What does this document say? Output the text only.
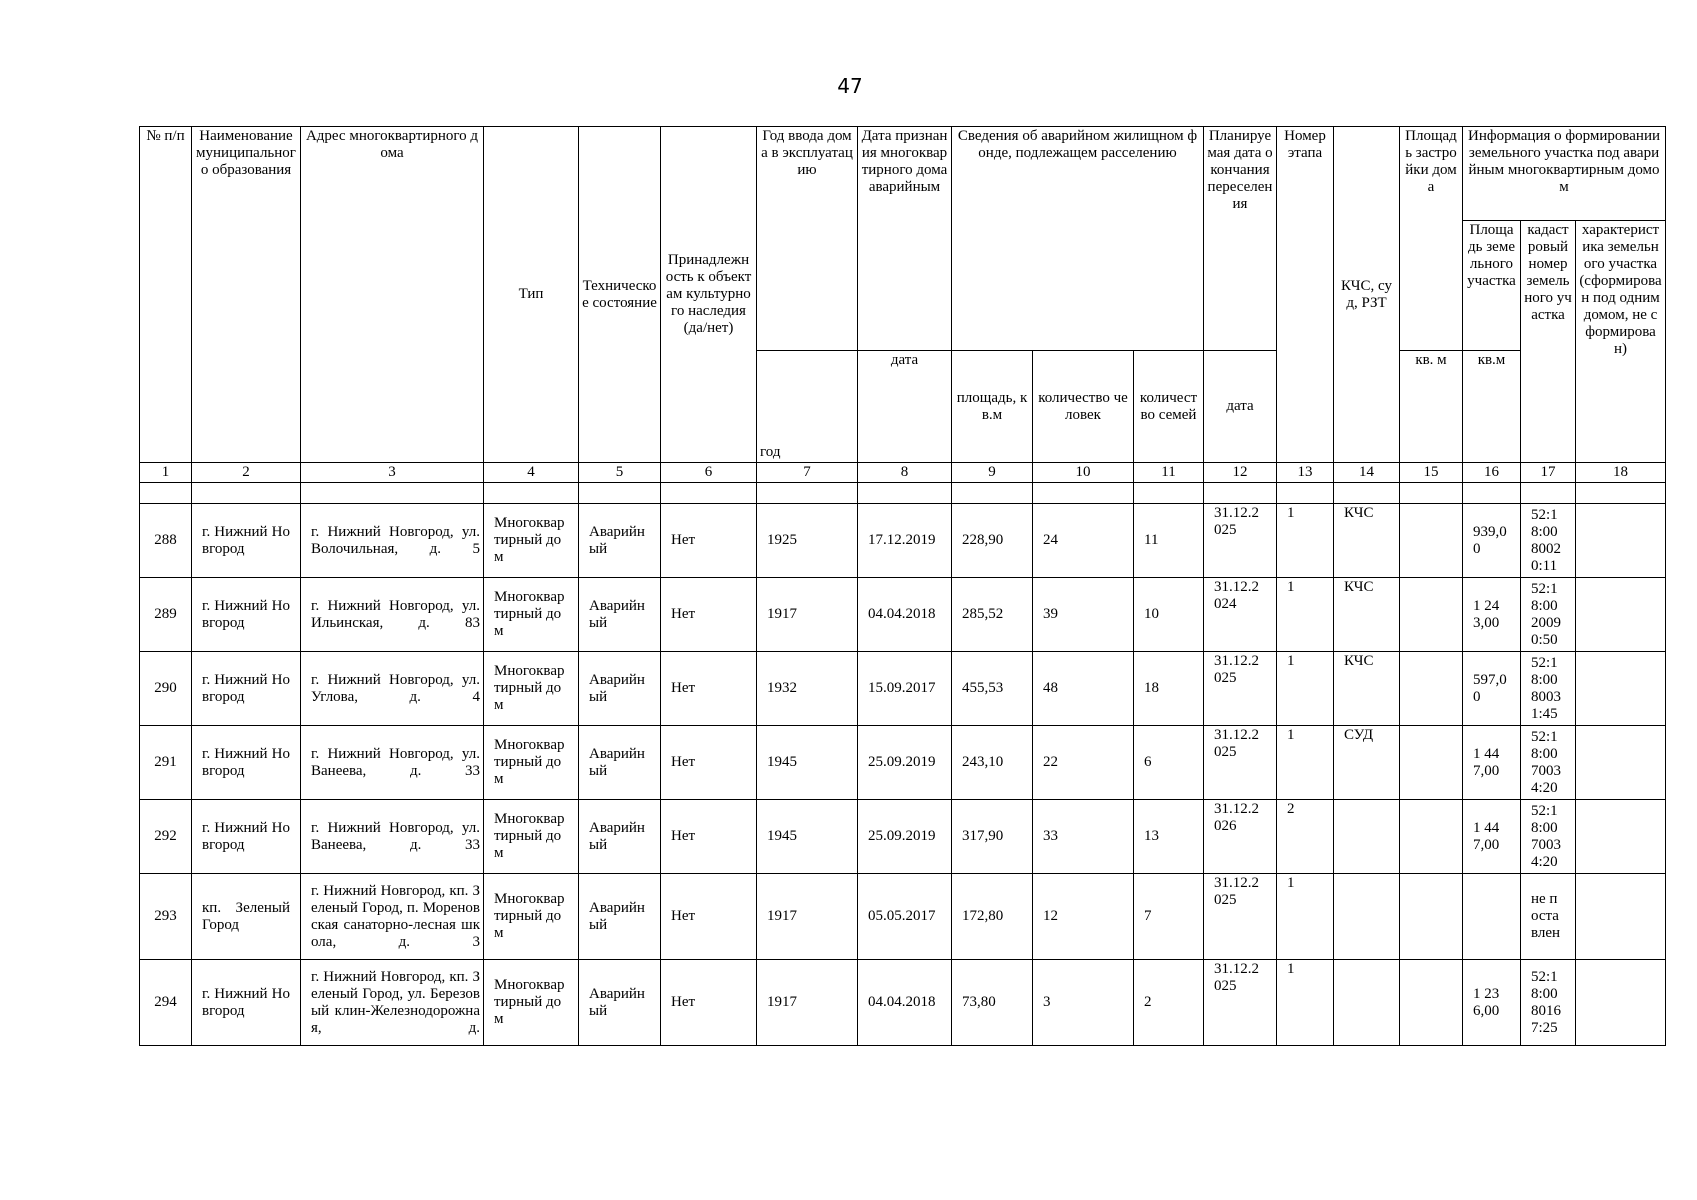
47
№ п/п	Наименование муниципального образования	Адрес многоквартирного дома	Тип	Техническое состояние	Принадлежность к объектам культурного наследия (да/нет)	Год ввода дома в эксплуатацию	Дата признания многоквартирного дома аварийным	Сведения об аварийном жилищном фонде, подлежащем расселению			Планируемая дата окончания переселения	Номер этапа	КЧС, суд, РЗТ	Площадь застройки дома	Информация о формировании земельного участка под аварийным многоквартирным домом		
															Площадь земельного участка	кадастровый номер земельного участка	характеристика земельного участка (сформирован под одним домом, не сформирован)
						год	дата	площадь, кв.м	количество человек	количество семей	дата			кв. м	кв.м		
1	2	3	4	5	6	7	8	9	10	11	12	13	14	15	16	17	18

288	г. Нижний Новгород	г. Нижний Новгород, ул. Волочильная, д. 5	Многоквартирный дом	Аварийный	Нет	1925	17.12.2019	228,90	24	11	31.12.2025	1	КЧС		939,00	52:18:0080020:11	
289	г. Нижний Новгород	г. Нижний Новгород, ул. Ильинская, д. 83	Многоквартирный дом	Аварийный	Нет	1917	04.04.2018	285,52	39	10	31.12.2024	1	КЧС		1 243,00	52:18:0020090:50	
290	г. Нижний Новгород	г. Нижний Новгород, ул. Углова, д. 4	Многоквартирный дом	Аварийный	Нет	1932	15.09.2017	455,53	48	18	31.12.2025	1	КЧС		597,00	52:18:0080031:45	
291	г. Нижний Новгород	г. Нижний Новгород, ул. Ванеева, д. 33	Многоквартирный дом	Аварийный	Нет	1945	25.09.2019	243,10	22	6	31.12.2025	1	СУД		1 447,00	52:18:0070034:20	
292	г. Нижний Новгород	г. Нижний Новгород, ул. Ванеева, д. 33	Многоквартирный дом	Аварийный	Нет	1945	25.09.2019	317,90	33	13	31.12.2026	2			1 447,00	52:18:0070034:20	
293	кп. Зеленый Город	г. Нижний Новгород, кп. Зеленый Город, п. Мореновская санаторно-лесная школа, д. 3	Многоквартирный дом	Аварийный	Нет	1917	05.05.2017	172,80	12	7	31.12.2025	1				не поставлен	
294	г. Нижний Новгород	г. Нижний Новгород, кп. Зеленый Город, ул. Березовый клин-Железнодорожная, д.	Многоквартирный дом	Аварийный	Нет	1917	04.04.2018	73,80	3	2	31.12.2025	1			1 236,00	52:18:0080167:25	
